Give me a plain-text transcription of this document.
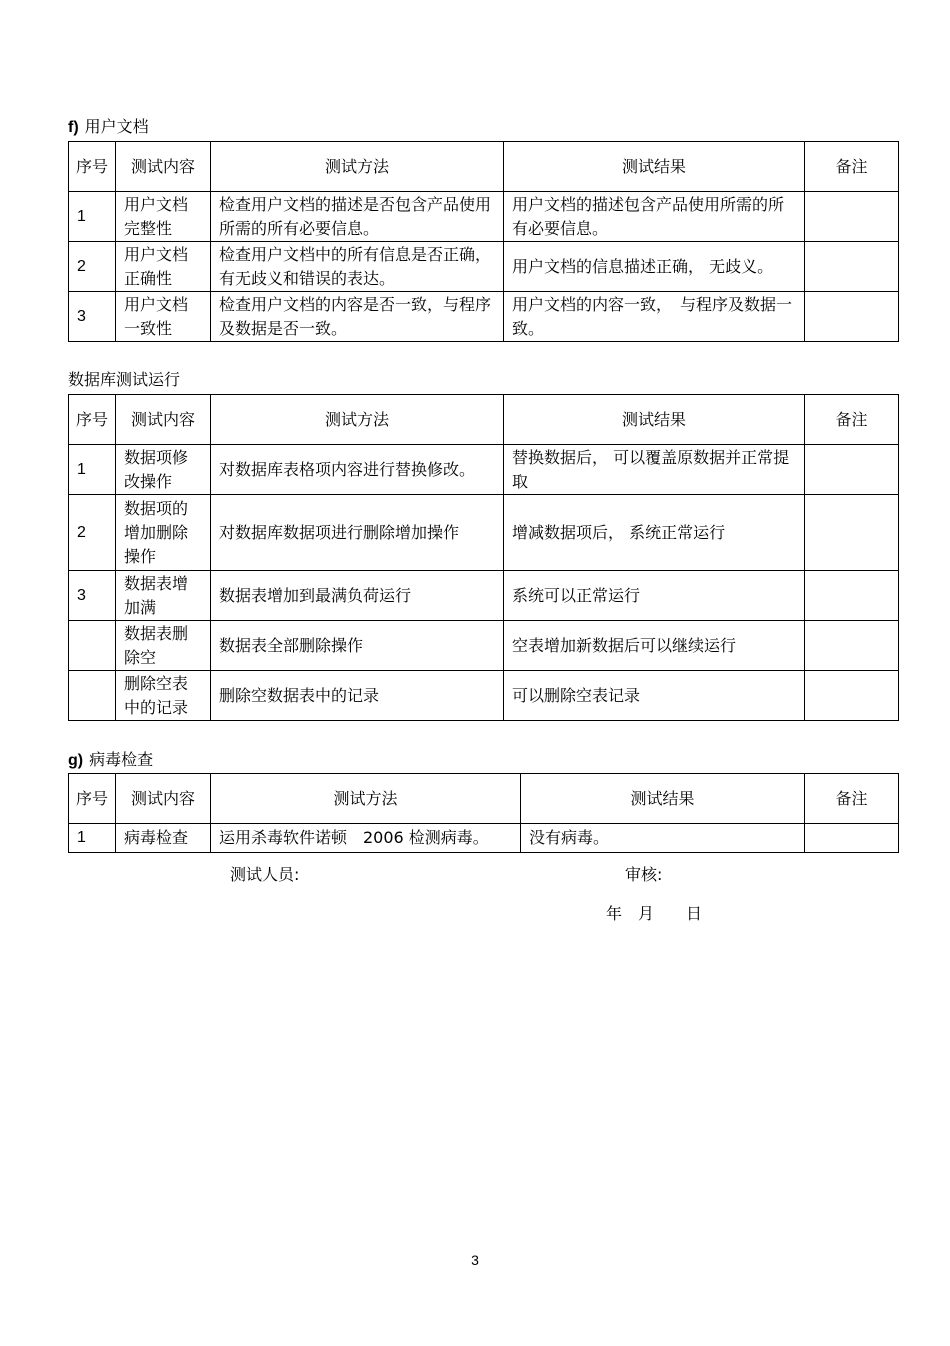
f) 用户文档
序号	测试内容	测试方法	测试结果	备注
1	用户文档完整性	检查用户文档的描述是否包含产品使用所需的所有必要信息。	用户文档的描述包含产品使用所需的所有必要信息。	
2	用户文档正确性	检查用户文档中的所有信息是否正确，有无歧义和错误的表达。	用户文档的信息描述正确， 无歧义。	
3	用户文档一致性	检查用户文档的内容是否一致，与程序及数据是否一致。	用户文档的内容一致，　与程序及数据一致。	
数据库测试运行
序号	测试内容	测试方法	测试结果	备注
1	数据项修改操作	对数据库表格项内容进行替换修改。	替换数据后， 可以覆盖原数据并正常提取	
2	数据项的增加删除操作	对数据库数据项进行删除增加操作	增减数据项后， 系统正常运行	
3	数据表增加满	数据表增加到最满负荷运行	系统可以正常运行	
	数据表删除空	数据表全部删除操作	空表增加新数据后可以继续运行	
	删除空表中的记录	删除空数据表中的记录	可以删除空表记录	
g) 病毒检查
序号	测试内容	测试方法	测试结果	备注
1	病毒检查	运用杀毒软件诺顿　2006 检测病毒。	没有病毒。	
测试人员:	审核:
年　月　　日
3
